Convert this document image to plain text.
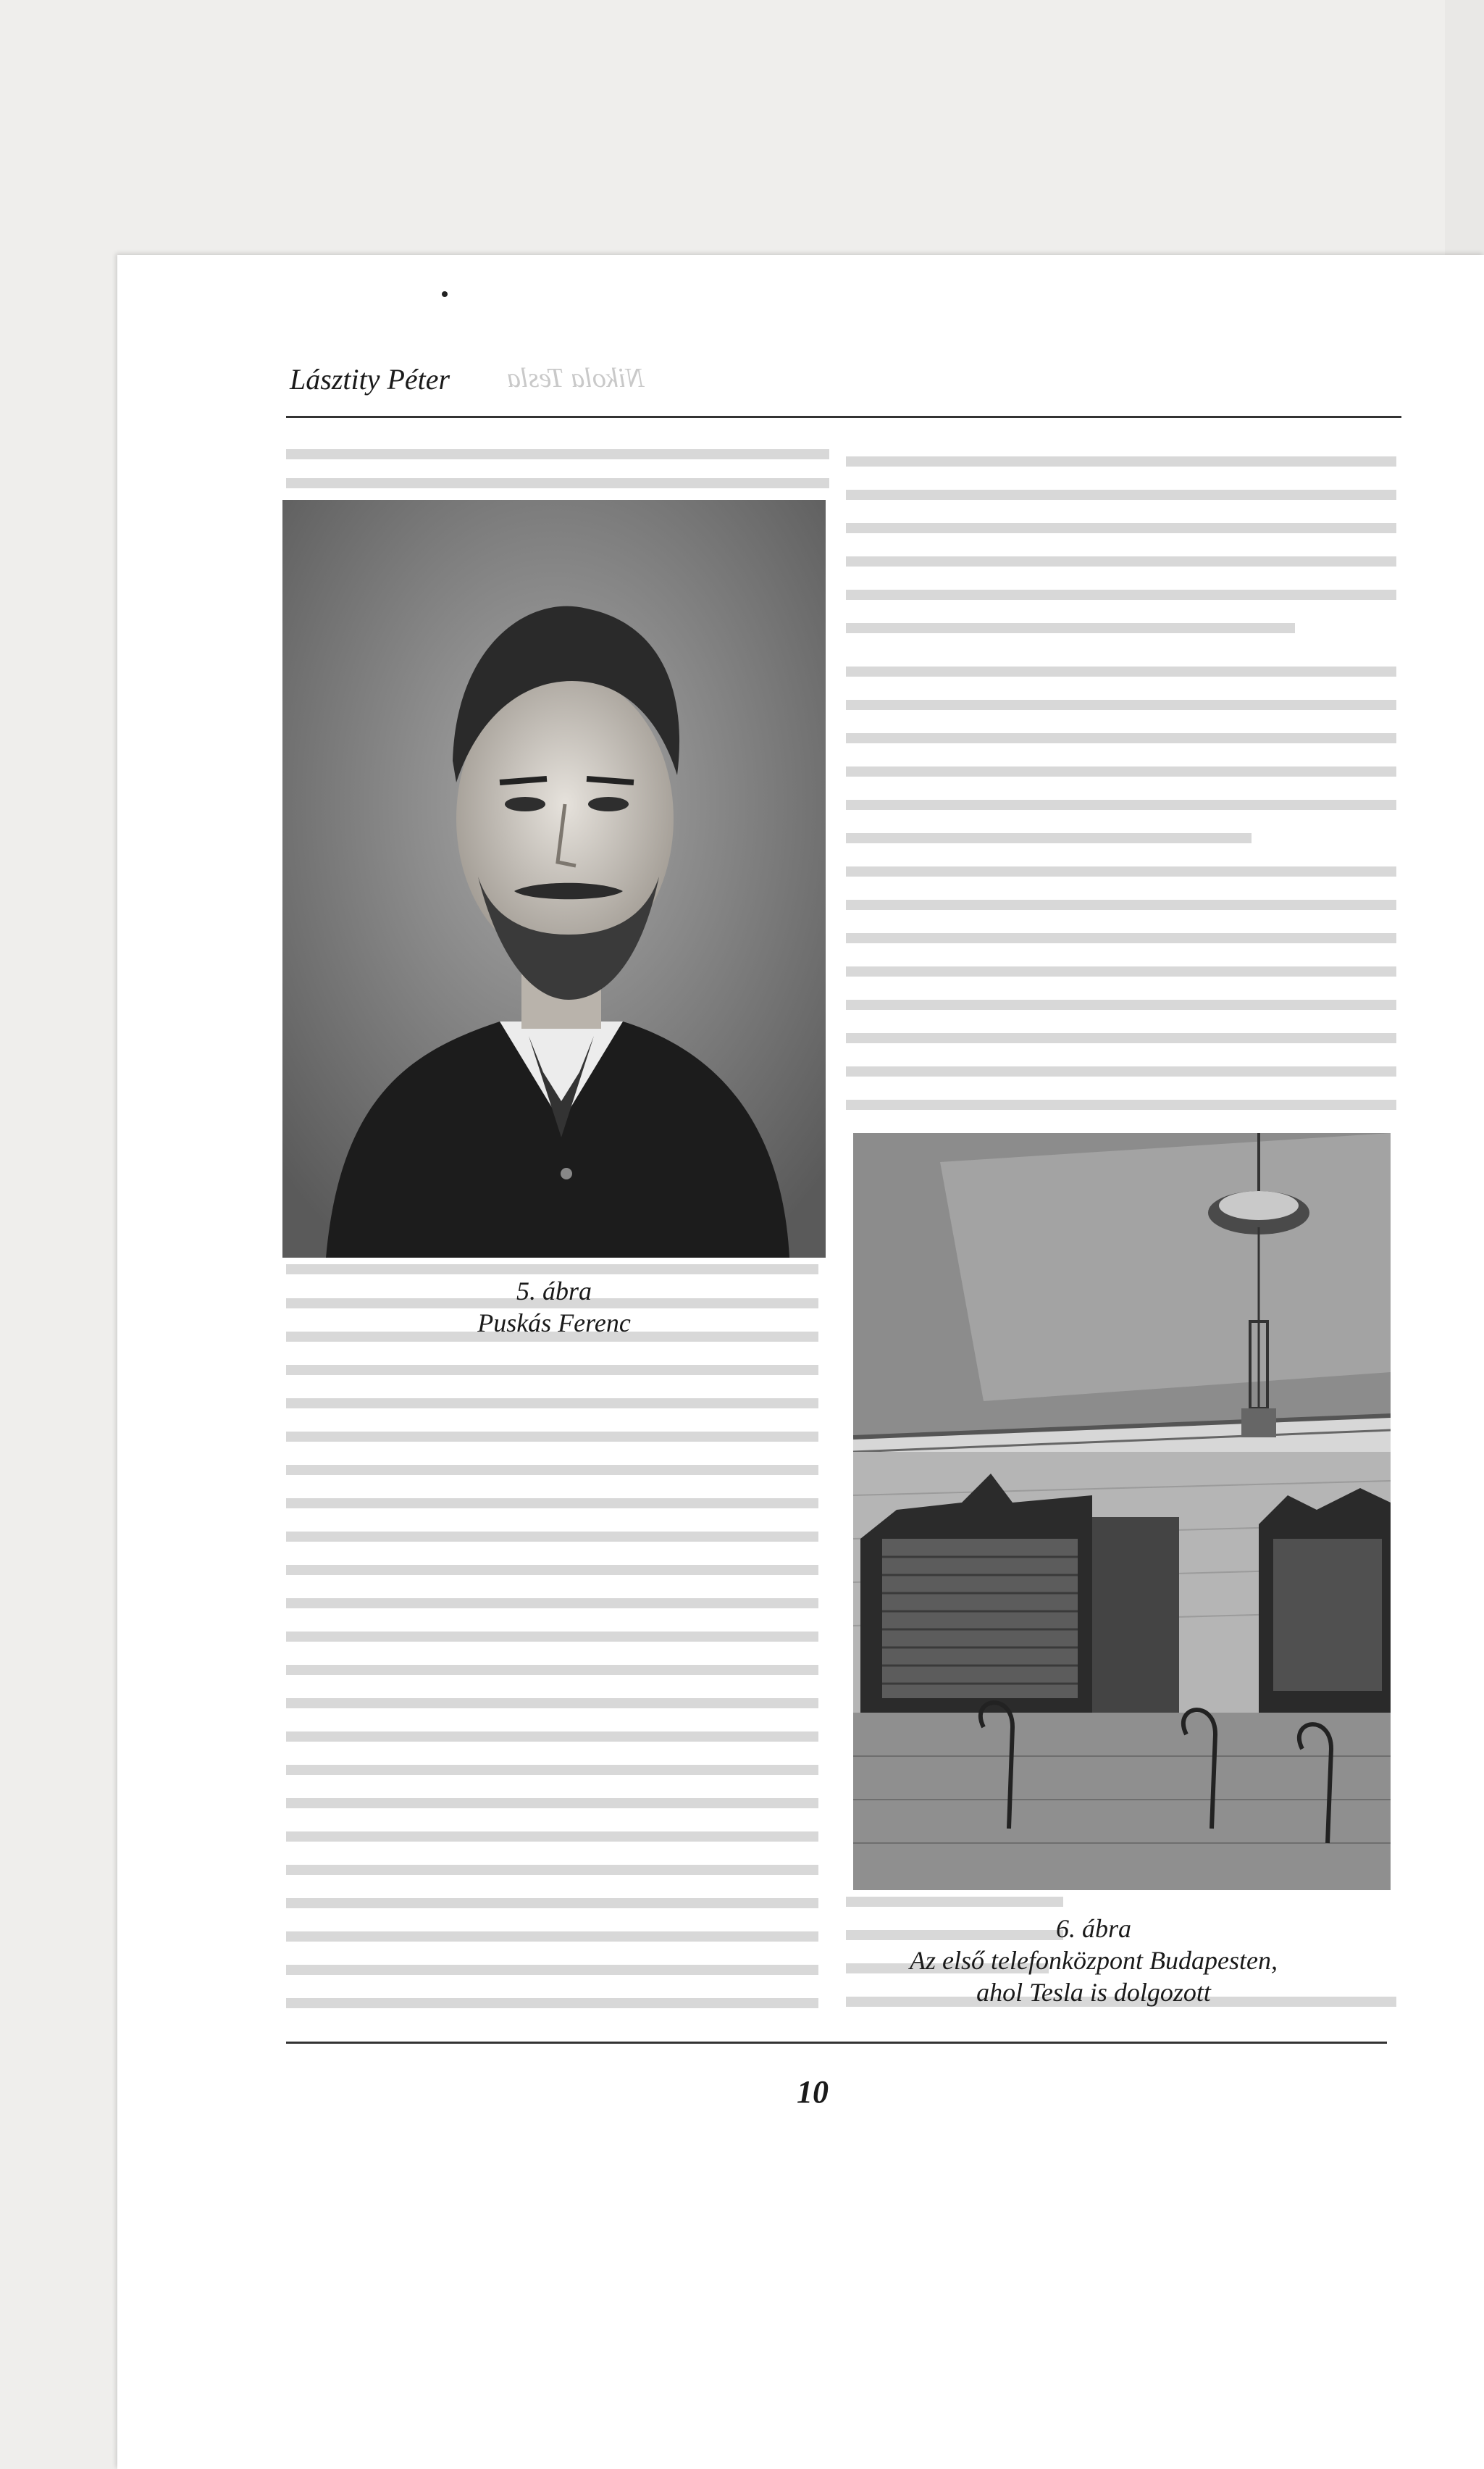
Lásztity Péter Nikola Tesla
5. ábra
Puskás Ferenc
6. ábra
Az első telefonközpont Budapesten,
ahol Tesla is dolgozott
10
